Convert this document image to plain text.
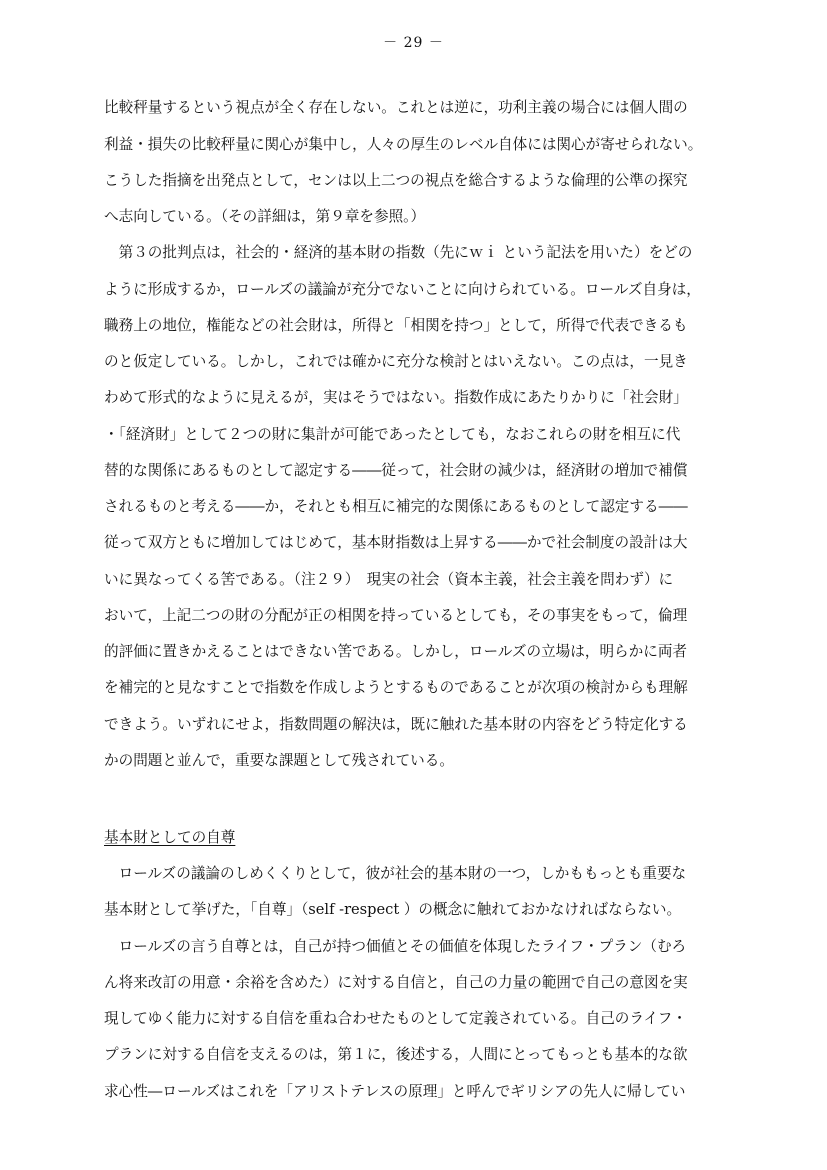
－ 29 －
比較秤量するという視点が全く存在しない。これとは逆に，功利主義の場合には個人間の
利益・損失の比較秤量に関心が集中し，人々の厚生のレベル自体には関心が寄せられない。
こうした指摘を出発点として，センは以上二つの視点を総合するような倫理的公準の探究
へ志向している。（その詳細は，第９章を参照。）
　第３の批判点は，社会的・経済的基本財の指数（先にｗｉ という記法を用いた）をどの
ように形成するか，ロールズの議論が充分でないことに向けられている。ロールズ自身は，
職務上の地位，権能などの社会財は，所得と「相関を持つ」として，所得で代表できるも
のと仮定している。しかし，これでは確かに充分な検討とはいえない。この点は，一見き
わめて形式的なように見えるが，実はそうではない。指数作成にあたりかりに「社会財」
・「経済財」として２つの財に集計が可能であったとしても，なおこれらの財を相互に代
替的な関係にあるものとして認定する――従って，社会財の減少は，経済財の増加で補償
されるものと考える――か，それとも相互に補完的な関係にあるものとして認定する――
従って双方ともに増加してはじめて，基本財指数は上昇する――かで社会制度の設計は大
いに異なってくる筈である。（注２９）　現実の社会（資本主義，社会主義を問わず）に
おいて，上記二つの財の分配が正の相関を持っているとしても，その事実をもって，倫理
的評価に置きかえることはできない筈である。しかし，ロールズの立場は，明らかに両者
を補完的と見なすことで指数を作成しようとするものであることが次項の検討からも理解
できよう。いずれにせよ，指数問題の解決は，既に触れた基本財の内容をどう特定化する
かの問題と並んで，重要な課題として残されている。
基本財としての自尊
　ロールズの議論のしめくくりとして，彼が社会的基本財の一つ，しかももっとも重要な
基本財として挙げた，「自尊」（self -respect ）の概念に触れておかなければならない。
　ロールズの言う自尊とは，自己が持つ価値とその価値を体現したライフ・プラン（むろ
ん将来改訂の用意・余裕を含めた）に対する自信と，自己の力量の範囲で自己の意図を実
現してゆく能力に対する自信を重ね合わせたものとして定義されている。自己のライフ・
プランに対する自信を支えるのは，第１に，後述する，人間にとってもっとも基本的な欲
求心性―ロールズはこれを「アリストテレスの原理」と呼んでギリシアの先人に帰してい
